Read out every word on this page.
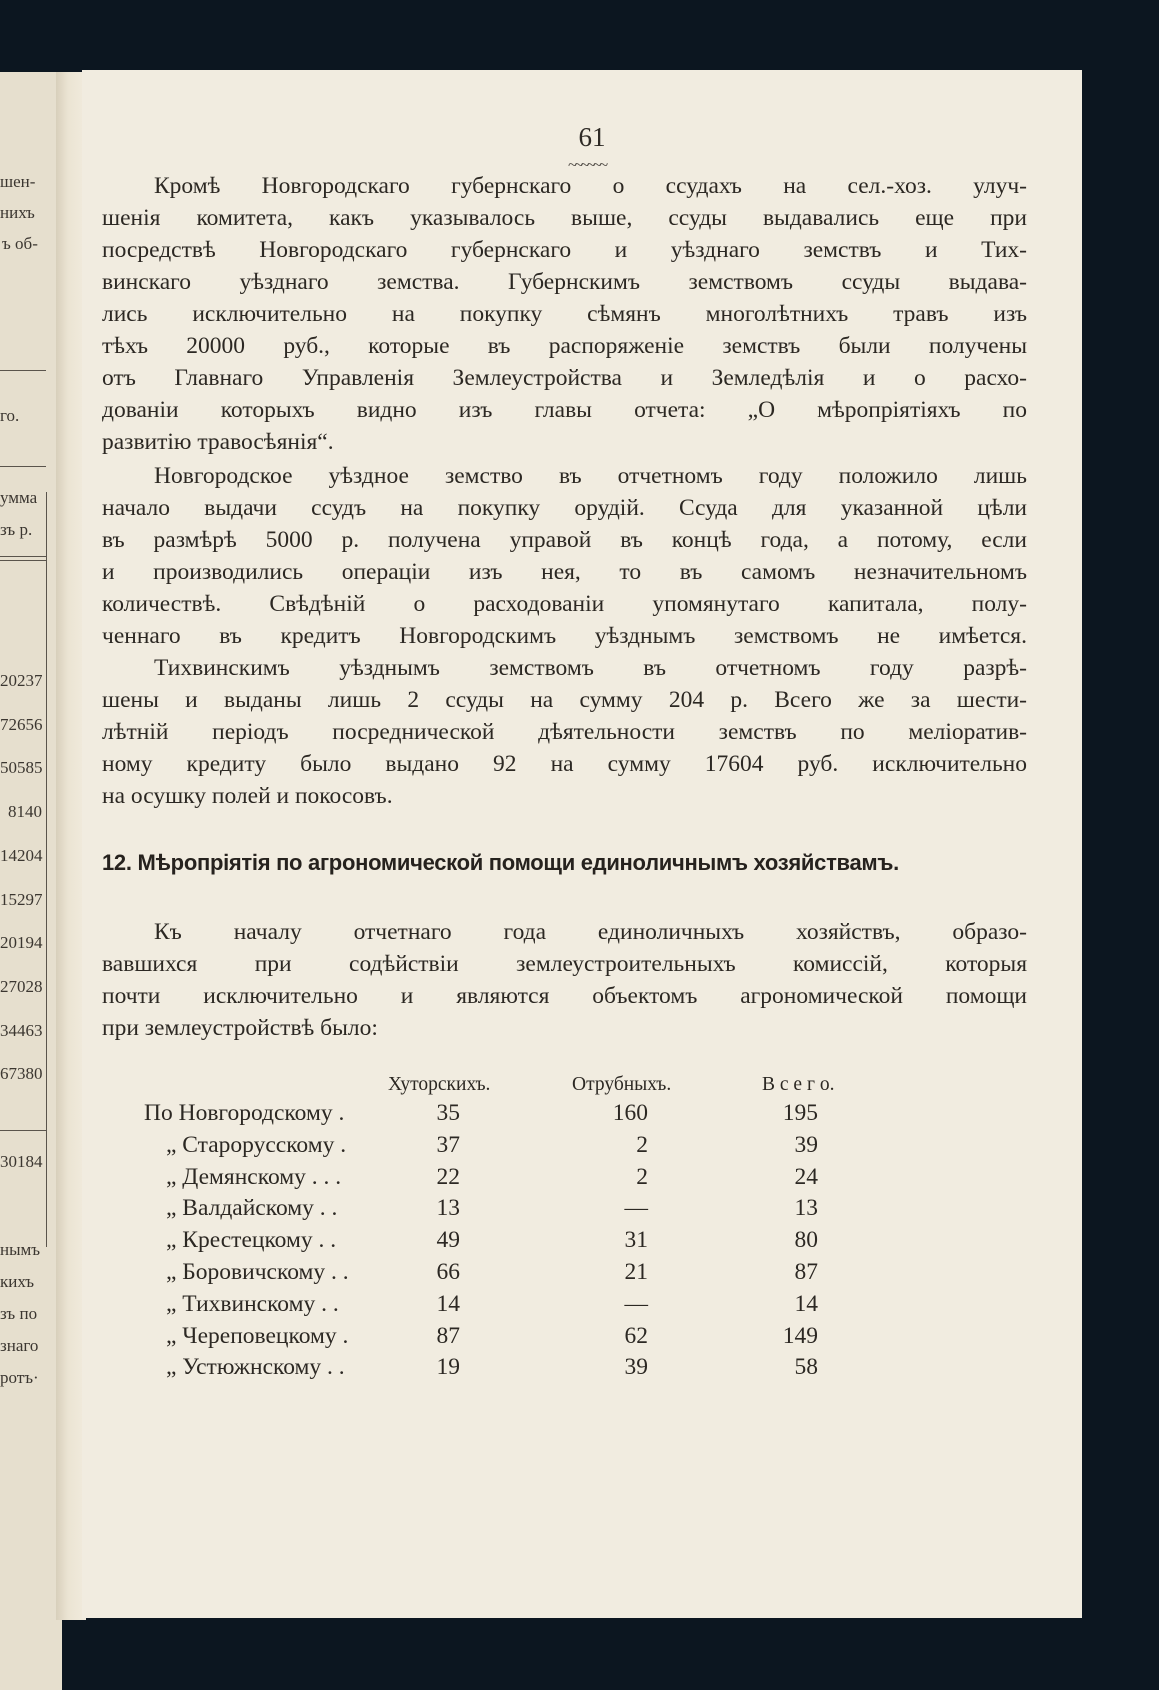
шен-
нихъ
ъ об-
го.
умма
зъ р.
20237
72656
50585
8140
14204
15297
20194
27028
34463
67380
30184
нымъ
кихъ
зъ по
знаго
ротъ·
61
~~~~~~

Кромѣ Новгородскаго губернскаго о ссудахъ на сел.-хоз. улуч-

шенія комитета, какъ указывалось выше, ссуды выдавались еще при

посредствѣ Новгородскаго губернскаго и уѣзднаго земствъ и Тих-

винскаго уѣзднаго земства. Губернскимъ земствомъ ссуды выдава-

лись исключительно на покупку сѣмянъ многолѣтнихъ травъ изъ

тѣхъ 20000 руб., которые въ распоряженіе земствъ были получены

отъ Главнаго Управленія Землеустройства и Земледѣлія и о расхо-

дованіи которыхъ видно изъ главы отчета: „О мѣропріятіяхъ по

развитію травосѣянія“.

Новгородское уѣздное земство въ отчетномъ году положило лишь

начало выдачи ссудъ на покупку орудій. Ссуда для указанной цѣли

въ размѣрѣ 5000 р. получена управой въ концѣ года, а потому, если

и производились операціи изъ нея, то въ самомъ незначительномъ

количествѣ. Свѣдѣній о расходованіи упомянутаго капитала, полу-

ченнаго въ кредитъ Новгородскимъ уѣзднымъ земствомъ не имѣется.

Тихвинскимъ уѣзднымъ земствомъ въ отчетномъ году разрѣ-

шены и выданы лишь 2 ссуды на сумму 204 р. Всего же за шести-

лѣтній періодъ посреднической дѣятельности земствъ по меліоратив-

ному кредиту было выдано 92 на сумму 17604 руб. исключительно

на осушку полей и покосовъ.

12. Мѣропріятія по агрономической помощи единоличнымъ хозяйствамъ.

Къ началу отчетнаго года единоличныхъ хозяйствъ, образо-

вавшихся при содѣйствіи землеустроительныхъ комиссій, которыя

почти исключительно и являются объектомъ агрономической помощи

при землеустройствѣ было:

Хуторскихъ.	Отрубныхъ.	В с е г о.
По Новгородскому .	35	160	195
„ Старорусскому .	37	2	39
„ Демянскому . . .	22	2	24
„ Валдайскому . .	13	—	13
„ Крестецкому . .	49	31	80
„ Боровичскому . .	66	21	87
„ Тихвинскому . .	14	—	14
„ Череповецкому .	87	62	149
„ Устюжнскому . .	19	39	58
